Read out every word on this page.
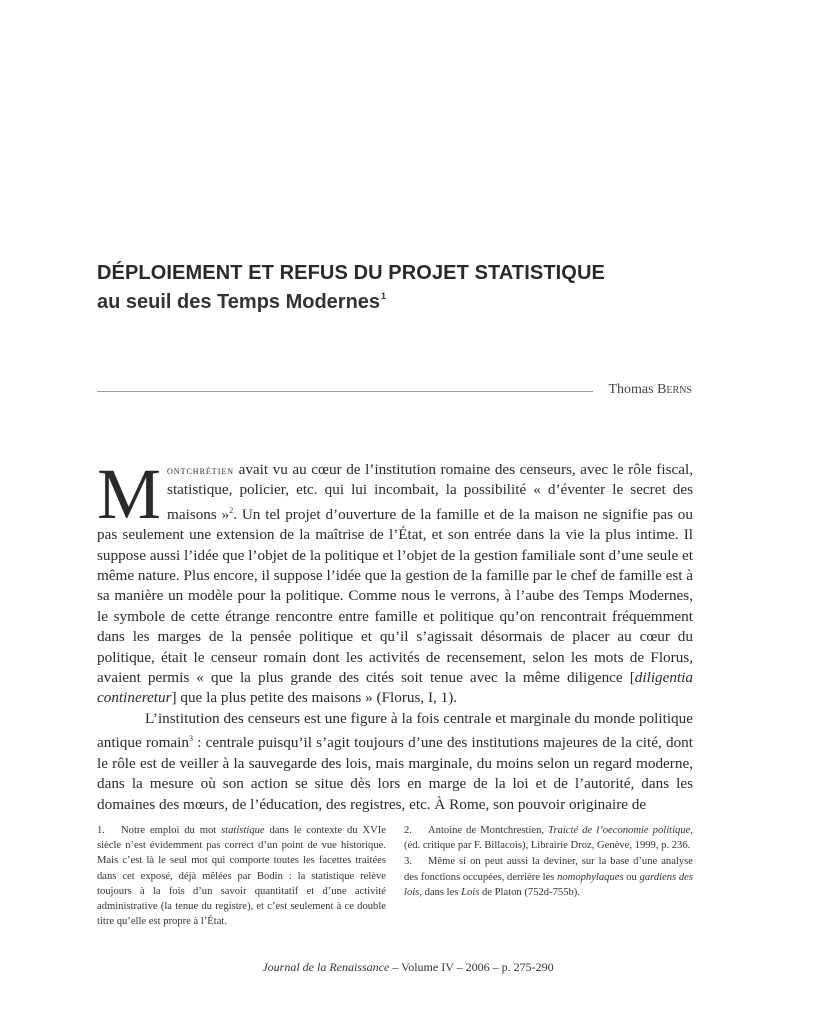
DÉPLOIEMENT ET REFUS DU PROJET STATISTIQUE
au seuil des Temps Modernes$^1$
Thomas Berns

Montchrétien avait vu au cœur de l’institution romaine des censeurs, avec le rôle fiscal, statistique, policier, etc. qui lui incombait, la possibilité « d’éventer le secret des maisons »$^2$. Un tel projet d’ouverture de la famille et de la maison ne signifie pas ou pas seulement une extension de la maîtrise de l’État, et son entrée dans la vie la plus intime. Il suppose aussi l’idée que l’objet de la politique et l’objet de la gestion familiale sont d’une seule et même nature. Plus encore, il suppose l’idée que la gestion de la famille par le chef de famille est à sa manière un modèle pour la politique. Comme nous le verrons, à l’aube des Temps Modernes, le symbole de cette étrange rencontre entre famille et politique qu’on rencontrait fréquemment dans les marges de la pensée politique et qu’il s’agissait désormais de placer au cœur du politique, était le censeur romain dont les activités de recensement, selon les mots de Florus, avaient permis « que la plus grande des cités soit tenue avec la même diligence [diligentia contineretur] que la plus petite des maisons » (Florus, I, 1).

L’institution des censeurs est une figure à la fois centrale et marginale du monde politique antique romain$^3$ : centrale puisqu’il s’agit toujours d’une des institutions majeures de la cité, dont le rôle est de veiller à la sauvegarde des lois, mais marginale, du moins selon un regard moderne, dans la mesure où son action se situe dès lors en marge de la loi et de l’autorité, dans les domaines des mœurs, de l’éducation, des registres, etc. À Rome, son pouvoir originaire de

1. Notre emploi du mot statistique dans le contexte du XVIe siècle n’est évidemment pas correct d’un point de vue historique. Mais c’est là le seul mot qui comporte toutes les facettes traitées dans cet exposé, déjà mêlées par Bodin : la statistique relève toujours à la fois d’un savoir quantitatif et d’une activité administrative (la tenue du registre), et c’est seulement à ce double titre qu’elle est propre à l’État.

2. Antoine de Montchrestien, Traicté de l’oeconomie politique, (éd. critique par F. Billacois), Librairie Droz, Genève, 1999, p. 236.

3. Même si on peut aussi la deviner, sur la base d’une analyse des fonctions occupées, derrière les nomophylaques ou gardiens des lois, dans les Lois de Platon (752d-755b).

Journal de la Renaissance – Volume IV – 2006 – p. 275-290
